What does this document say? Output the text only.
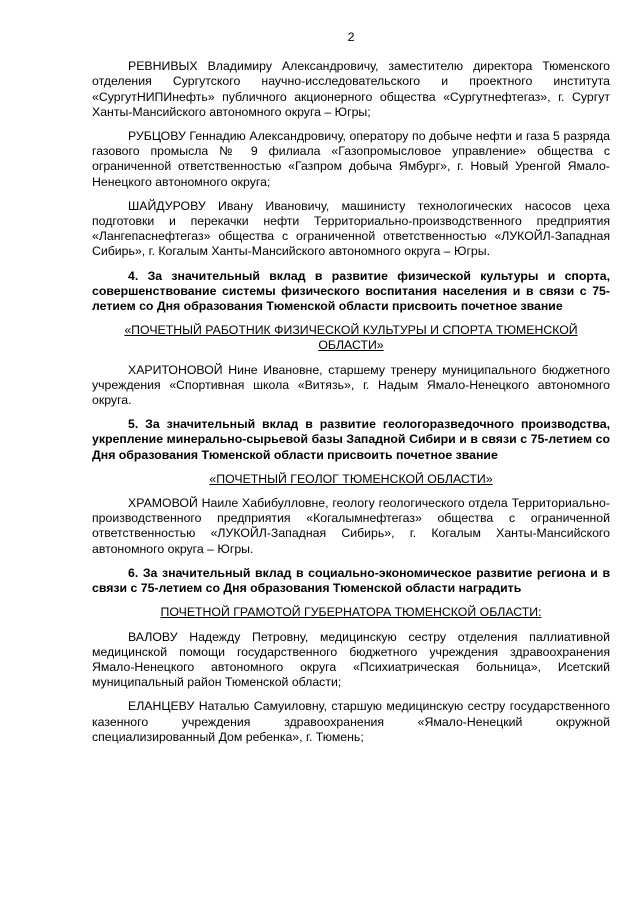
2

РЕВНИВЫХ Владимиру Александровичу, заместителю директора Тюменского отделения Сургутского научно-исследовательского и проектного института «СургутНИПИнефть» публичного акционерного общества «Сургутнефтегаз», г. Сургут Ханты-Мансийского автономного округа – Югры;

РУБЦОВУ Геннадию Александровичу, оператору по добыче нефти и газа 5 разряда газового промысла № 9 филиала «Газопромысловое управление» общества с ограниченной ответственностью «Газпром добыча Ямбург», г. Новый Уренгой Ямало-Ненецкого автономного округа;

ШАЙДУРОВУ Ивану Ивановичу, машинисту технологических насосов цеха подготовки и перекачки нефти Территориально-производственного предприятия «Лангепаснефтегаз» общества с ограниченной ответственностью «ЛУКОЙЛ-Западная Сибирь», г. Когалым Ханты-Мансийского автономного округа – Югры.

4. За значительный вклад в развитие физической культуры и спорта, совершенствование системы физического воспитания населения и в связи с 75-летием со Дня образования Тюменской области присвоить почетное звание

«ПОЧЕТНЫЙ РАБОТНИК ФИЗИЧЕСКОЙ КУЛЬТУРЫ И СПОРТА ТЮМЕНСКОЙ ОБЛАСТИ»

ХАРИТОНОВОЙ Нине Ивановне, старшему тренеру муниципального бюджетного учреждения «Спортивная школа «Витязь», г. Надым Ямало-Ненецкого автономного округа.

5. За значительный вклад в развитие геологоразведочного производства, укрепление минерально-сырьевой базы Западной Сибири и в связи с 75-летием со Дня образования Тюменской области присвоить почетное звание

«ПОЧЕТНЫЙ ГЕОЛОГ ТЮМЕНСКОЙ ОБЛАСТИ»

ХРАМОВОЙ Наиле Хабибулловне, геологу геологического отдела Территориально-производственного предприятия «Когалымнефтегаз» общества с ограниченной ответственностью «ЛУКОЙЛ-Западная Сибирь», г. Когалым Ханты-Мансийского автономного округа – Югры.

6. За значительный вклад в социально-экономическое развитие региона и в связи с 75-летием со Дня образования Тюменской области наградить

ПОЧЕТНОЙ ГРАМОТОЙ ГУБЕРНАТОРА ТЮМЕНСКОЙ ОБЛАСТИ:

ВАЛОВУ Надежду Петровну, медицинскую сестру отделения паллиативной медицинской помощи государственного бюджетного учреждения здравоохранения Ямало-Ненецкого автономного округа «Психиатрическая больница», Исетский муниципальный район Тюменской области;

ЕЛАНЦЕВУ Наталью Самуиловну, старшую медицинскую сестру государственного казенного учреждения здравоохранения «Ямало-Ненецкий окружной специализированный Дом ребенка», г. Тюмень;
